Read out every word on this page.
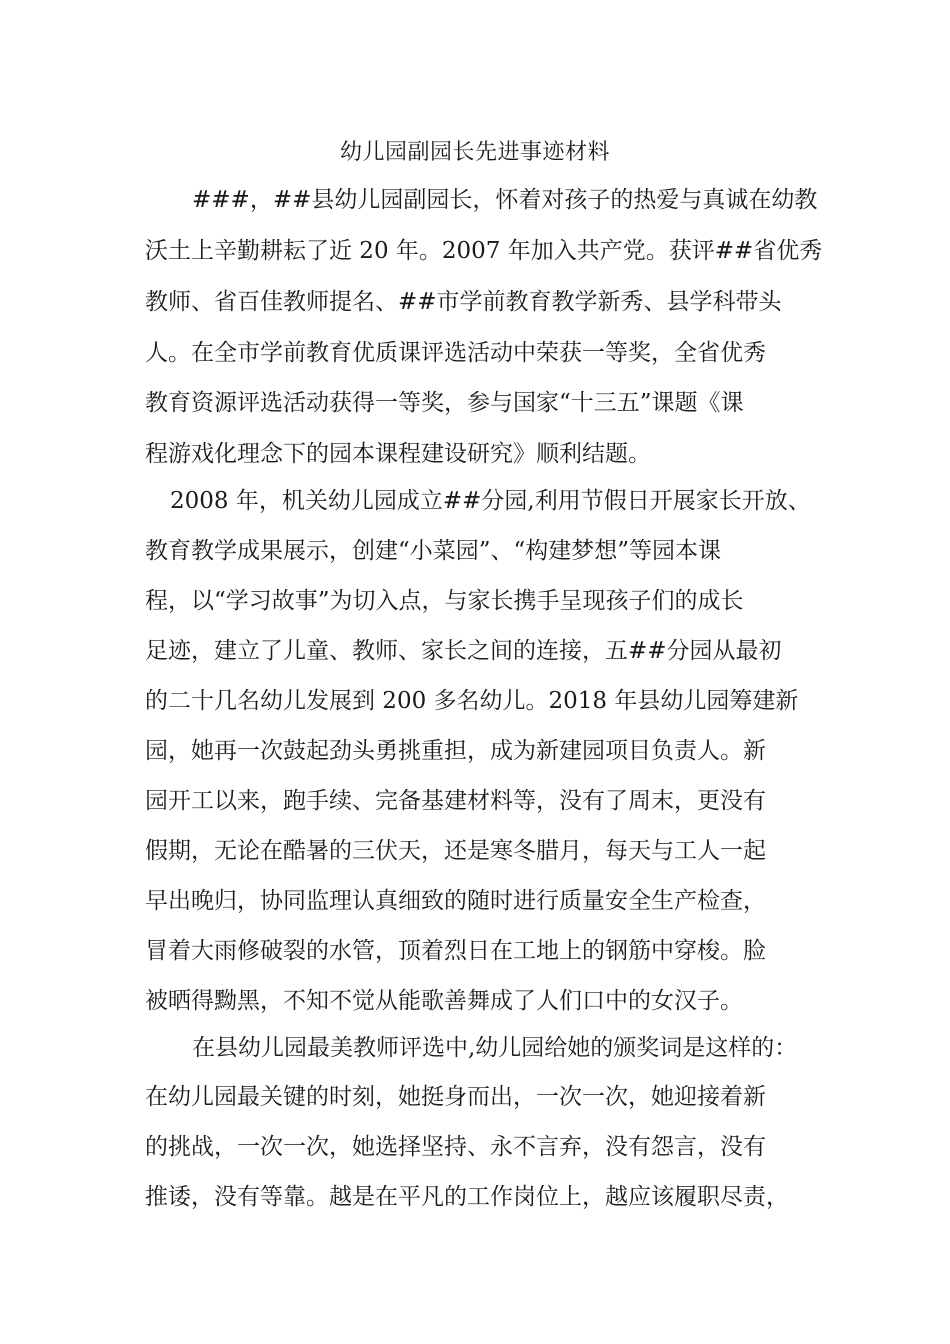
幼儿园副园长先进事迹材料
###，##县幼儿园副园长，怀着对孩子的热爱与真诚在幼教
沃土上辛勤耕耘了近 20 年。2007 年加入共产党。获评##省优秀
教师、省百佳教师提名、##市学前教育教学新秀、县学科带头
人。在全市学前教育优质课评选活动中荣获一等奖，全省优秀
教育资源评选活动获得一等奖，参与国家“十三五”课题《课
程游戏化理念下的园本课程建设研究》顺利结题。
2008 年，机关幼儿园成立##分园,利用节假日开展家长开放、
教育教学成果展示，创建“小菜园”、“构建梦想”等园本课
程，以“学习故事”为切入点，与家长携手呈现孩子们的成长
足迹，建立了儿童、教师、家长之间的连接，五##分园从最初
的二十几名幼儿发展到 200 多名幼儿。2018 年县幼儿园筹建新
园，她再一次鼓起劲头勇挑重担，成为新建园项目负责人。新
园开工以来，跑手续、完备基建材料等，没有了周末，更没有
假期，无论在酷暑的三伏天，还是寒冬腊月，每天与工人一起
早出晚归，协同监理认真细致的随时进行质量安全生产检查，
冒着大雨修破裂的水管，顶着烈日在工地上的钢筋中穿梭。脸
被晒得黝黑，不知不觉从能歌善舞成了人们口中的女汉子。
在县幼儿园最美教师评选中,幼儿园给她的颁奖词是这样的：
在幼儿园最关键的时刻，她挺身而出，一次一次，她迎接着新
的挑战，一次一次，她选择坚持、永不言弃，没有怨言，没有
推诿，没有等靠。越是在平凡的工作岗位上，越应该履职尽责，
